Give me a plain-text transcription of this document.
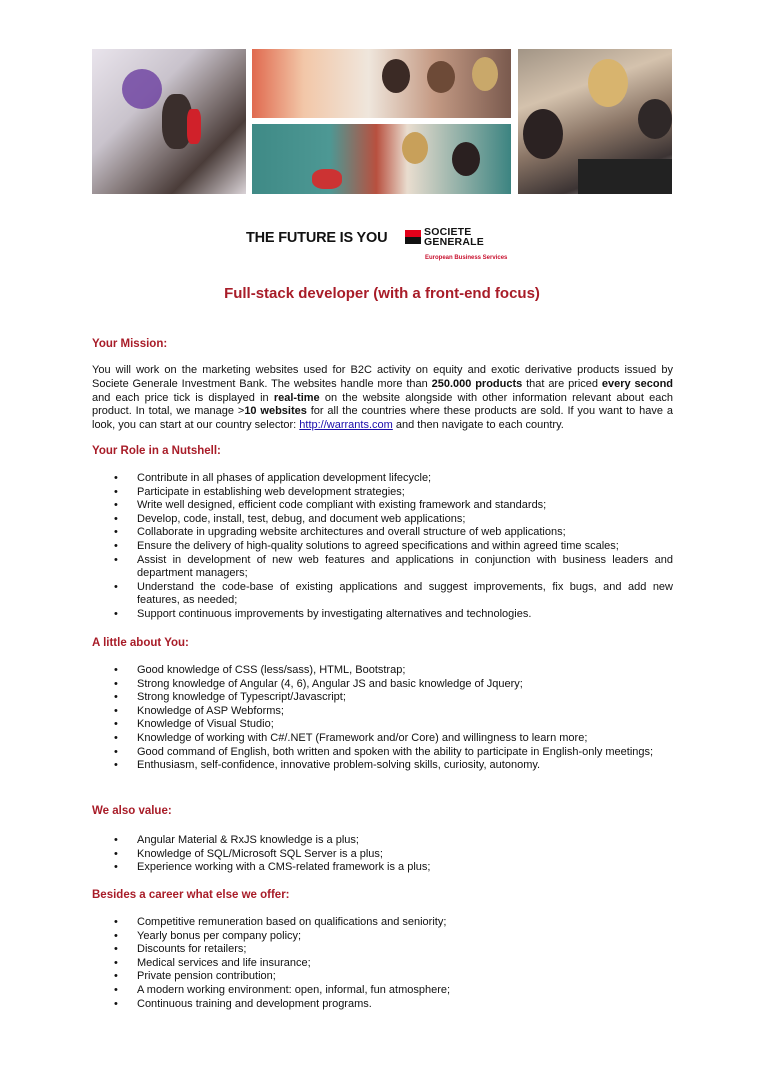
THE FUTURE IS YOU	SOCIETE
GENERALE
European Business Services
Full-stack developer (with a front-end focus)
Your Mission:
You will work on the marketing websites used for B2C activity on equity and exotic derivative products issued by Societe Generale Investment Bank. The websites handle more than 250.000 products that are priced every second and each price tick is displayed in real-time on the website alongside with other information relevant about each product. In total, we manage >10 websites for all the countries where these products are sold. If you want to have a look, you can start at our country selector: http://warrants.com and then navigate to each country.
Your Role in a Nutshell:
• Contribute in all phases of application development lifecycle;
• Participate in establishing web development strategies;
• Write well designed, efficient code compliant with existing framework and standards;
• Develop, code, install, test, debug, and document web applications;
• Collaborate in upgrading website architectures and overall structure of web applications;
• Ensure the delivery of high-quality solutions to agreed specifications and within agreed time scales;
• Assist in development of new web features and applications in conjunction with business leaders and department managers;
• Understand the code-base of existing applications and suggest improvements, fix bugs, and add new features, as needed;
• Support continuous improvements by investigating alternatives and technologies.
A little about You:
• Good knowledge of CSS (less/sass), HTML, Bootstrap;
• Strong knowledge of Angular (4, 6), Angular JS and basic knowledge of Jquery;
• Strong knowledge of Typescript/Javascript;
• Knowledge of ASP Webforms;
• Knowledge of Visual Studio;
• Knowledge of working with C#/.NET (Framework and/or Core) and willingness to learn more;
• Good command of English, both written and spoken with the ability to participate in English-only meetings;
• Enthusiasm, self-confidence, innovative problem-solving skills, curiosity, autonomy.
We also value:
• Angular Material & RxJS knowledge is a plus;
• Knowledge of SQL/Microsoft SQL Server is a plus;
• Experience working with a CMS-related framework is a plus;
Besides a career what else we offer:
• Competitive remuneration based on qualifications and seniority;
• Yearly bonus per company policy;
• Discounts for retailers;
• Medical services and life insurance;
• Private pension contribution;
• A modern working environment: open, informal, fun atmosphere;
• Continuous training and development programs.
